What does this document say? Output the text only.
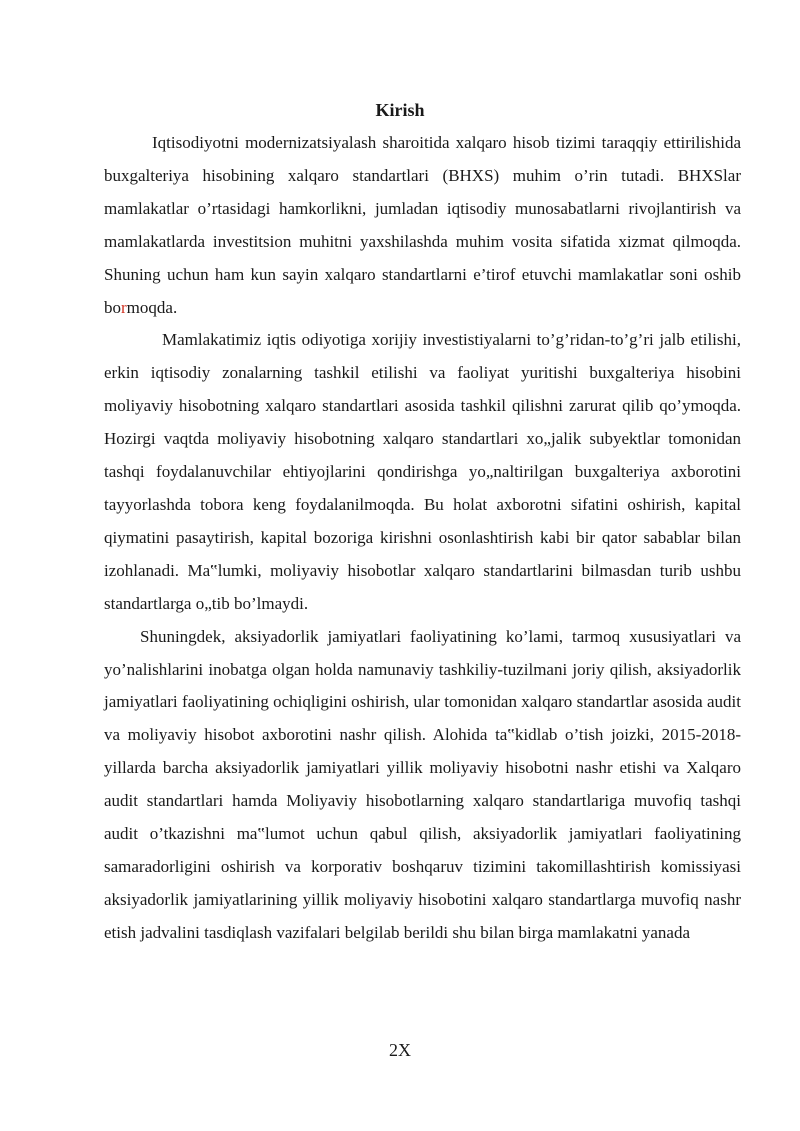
Kirish

Iqtisodiyotni modernizatsiyalash sharoitida xalqaro hisob tizimi taraqqiy ettirilishida buxgalteriya hisobining xalqaro standartlari (BHXS) muhim o’rin tutadi. BHXSlar mamlakatlar o’rtasidagi hamkorlikni, jumladan iqtisodiy munosabatlarni rivojlantirish va mamlakatlarda investitsion muhitni yaxshilashda muhim vosita sifatida xizmat qilmoqda. Shuning uchun ham kun sayin xalqaro standartlarni e’tirof etuvchi mamlakatlar soni oshib bormoqda.

Mamlakatimiz iqtis odiyotiga xorijiy investistiyalarni to’g’ridan-to’g’ri jalb etilishi, erkin iqtisodiy zonalarning tashkil etilishi va faoliyat yuritishi buxgalteriya hisobini moliyaviy hisobotning xalqaro standartlari asosida tashkil qilishni zarurat qilib qo’ymoqda. Hozirgi vaqtda moliyaviy hisobotning xalqaro standartlari xo„jalik subyektlar tomonidan tashqi foydalanuvchilar ehtiyojlarini qondirishga yo„naltirilgan buxgalteriya axborotini tayyorlashda tobora keng foydalanilmoqda. Bu holat axborotni sifatini oshirish, kapital qiymatini pasaytirish, kapital bozoriga kirishni osonlashtirish kabi bir qator sabablar bilan izohlanadi. Ma‟lumki, moliyaviy hisobotlar xalqaro standartlarini bilmasdan turib ushbu standartlarga o„tib bo’lmaydi.

Shuningdek, aksiyadorlik jamiyatlari faoliyatining ko’lami, tarmoq xususiyatlari va yo’nalishlarini inobatga olgan holda namunaviy tashkiliy-tuzilmani joriy qilish, aksiyadorlik jamiyatlari faoliyatining ochiqligini oshirish, ular tomonidan xalqaro standartlar asosida audit va moliyaviy hisobot axborotini nashr qilish. Alohida ta‟kidlab o’tish joizki, 2015-2018-yillarda barcha aksiyadorlik jamiyatlari yillik moliyaviy hisobotni nashr etishi va Xalqaro audit standartlari hamda Moliyaviy hisobotlarning xalqaro standartlariga muvofiq tashqi audit o’tkazishni ma‟lumot uchun qabul qilish, aksiyadorlik jamiyatlari faoliyatining samaradorligini oshirish va korporativ boshqaruv tizimini takomillashtirish komissiyasi aksiyadorlik jamiyatlarining yillik moliyaviy hisobotini xalqaro standartlarga muvofiq nashr etish jadvalini tasdiqlash vazifalari belgilab berildi shu bilan birga mamlakatni yanada

2X
